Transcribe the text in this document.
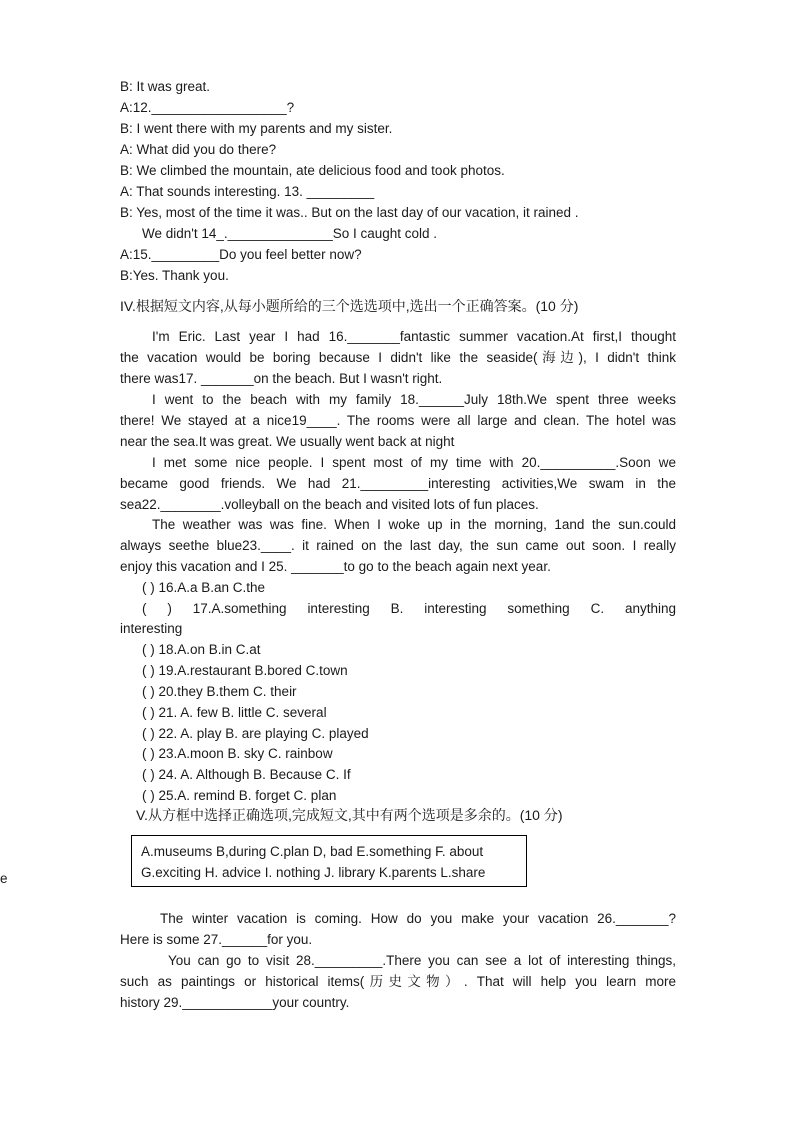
B: It was great.
A:12.__________________?
B: I went there with my parents and my sister.
A: What did you do there?
B: We climbed the mountain, ate delicious food and took photos.
A: That sounds interesting. 13. _________
B: Yes, most of the time it was.. But on the last day of our vacation, it rained .
We didn't 14_.______________So I caught cold .
A:15._________Do you feel better now?
B:Yes. Thank you.
IV.根据短文内容,从每小题所给的三个选选项中,选出一个正确答案。(10 分)
I'm Eric. Last year I had 16._______fantastic summer vacation.At first,I thought
the vacation would be boring because I didn't like the seaside(海边), I didn't think
there was17. _______on the beach. But I wasn't right.
I went to the beach with my family 18.______July 18th.We spent three weeks
there! We stayed at a nice19____. The rooms were all large and clean. The hotel was
near the sea.It was great. We usually went back at night
I met some nice people. I spent most of my time with 20.__________.Soon we
became good friends. We had 21._________interesting activities,We swam in the
sea22.________.volleyball on the beach and visited lots of fun places.
The weather was was fine. When I woke up in the morning, 1and the sun.could
always seethe blue23.____. it rained on the last day, the sun came out soon. I really
enjoy this vacation and I 25. _______to go to the beach again next year.
( ) 16.A.a B.an C.the
( ) 17.A.something interesting B. interesting something C. anything
interesting
( ) 18.A.on B.in C.at
( ) 19.A.restaurant B.bored C.town
( ) 20.they B.them C. their
( ) 21. A. few B. little C. several
( ) 22. A. play B. are playing C. played
( ) 23.A.moon B. sky C. rainbow
( ) 24. A. Although B. Because C. If
( ) 25.A. remind B. forget C. plan
V.从方框中选择正确选项,完成短文,其中有两个选项是多余的。(10 分)
e
A.museums B,during C.plan D, bad E.something F. about
G.exciting H. advice I. nothing J. library K.parents L.share
The winter vacation is coming. How do you make your vacation 26._______?
Here is some 27.______for you.
You can go to visit 28._________.There you can see a lot of interesting things,
such as paintings or historical items(历史文物）. That will help you learn more
history 29.____________your country.
